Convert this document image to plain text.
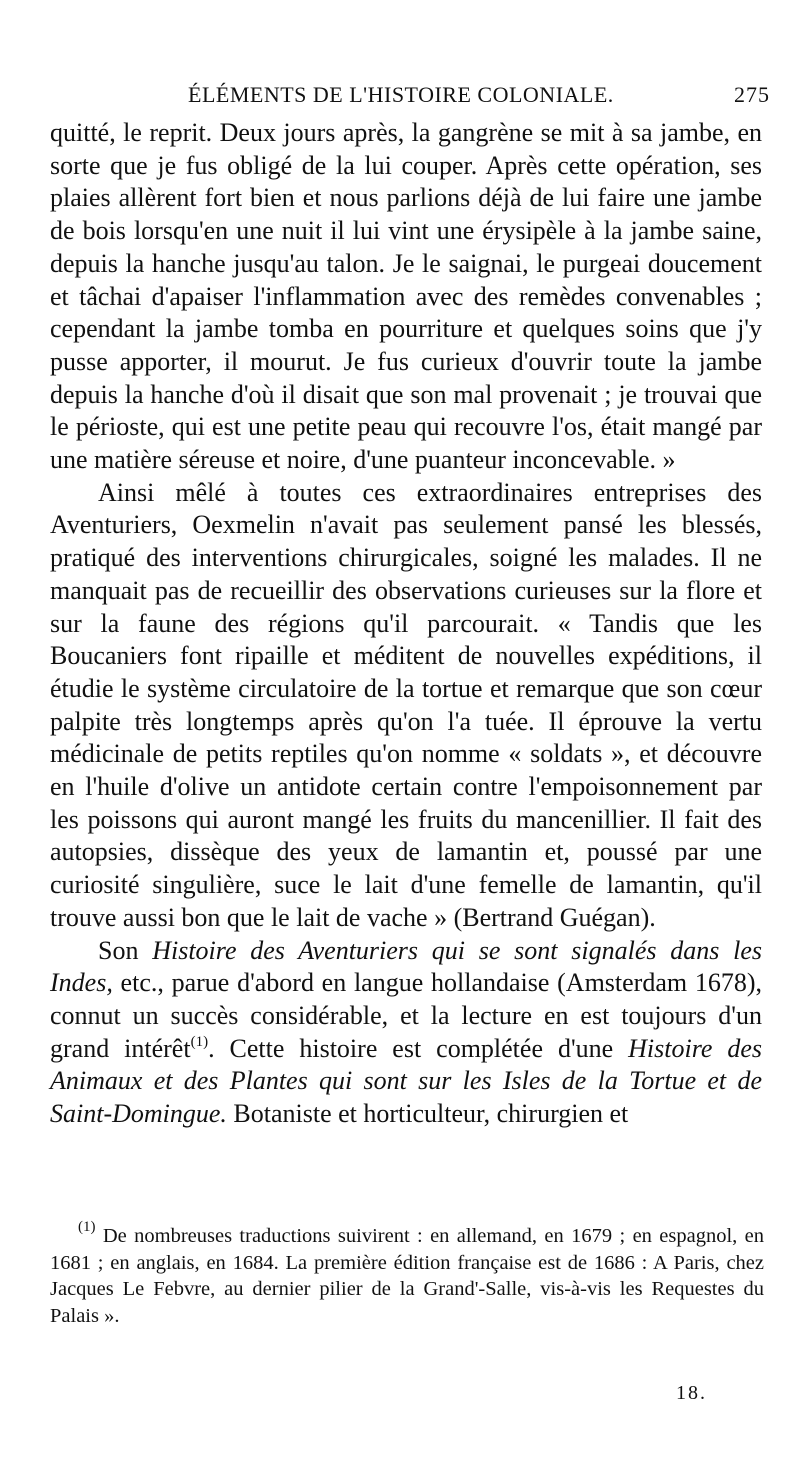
ÉLÉMENTS DE L'HISTOIRE COLONIALE.	275

quitté, le reprit. Deux jours après, la gangrène se mit à sa jambe, en sorte que je fus obligé de la lui couper. Après cette opération, ses plaies allèrent fort bien et nous parlions déjà de lui faire une jambe de bois lorsqu'en une nuit il lui vint une érysipèle à la jambe saine, depuis la hanche jusqu'au talon. Je le saignai, le purgeai doucement et tâchai d'apaiser l'inflammation avec des remèdes convenables ; cependant la jambe tomba en pourriture et quelques soins que j'y pusse apporter, il mourut. Je fus curieux d'ouvrir toute la jambe depuis la hanche d'où il disait que son mal provenait ; je trouvai que le périoste, qui est une petite peau qui recouvre l'os, était mangé par une matière séreuse et noire, d'une puanteur inconcevable. »

Ainsi mêlé à toutes ces extraordinaires entreprises des Aventuriers, Oexmelin n'avait pas seulement pansé les blessés, pratiqué des interventions chirurgicales, soigné les malades. Il ne manquait pas de recueillir des observations curieuses sur la flore et sur la faune des régions qu'il parcourait. « Tandis que les Boucaniers font ripaille et méditent de nouvelles expéditions, il étudie le système circulatoire de la tortue et remarque que son cœur palpite très longtemps après qu'on l'a tuée. Il éprouve la vertu médicinale de petits reptiles qu'on nomme « soldats », et découvre en l'huile d'olive un antidote certain contre l'empoisonnement par les poissons qui auront mangé les fruits du mancenillier. Il fait des autopsies, dissèque des yeux de lamantin et, poussé par une curiosité singulière, suce le lait d'une femelle de lamantin, qu'il trouve aussi bon que le lait de vache » (Bertrand Guégan).

Son Histoire des Aventuriers qui se sont signalés dans les Indes, etc., parue d'abord en langue hollandaise (Amsterdam 1678), connut un succès considérable, et la lecture en est toujours d'un grand intérêt$^{(1)}$. Cette histoire est complétée d'une Histoire des Animaux et des Plantes qui sont sur les Isles de la Tortue et de Saint-Domingue. Botaniste et horticulteur, chirurgien et

$^{(1)}$ De nombreuses traductions suivirent : en allemand, en 1679 ; en espagnol, en 1681 ; en anglais, en 1684. La première édition française est de 1686 : A Paris, chez Jacques Le Febvre, au dernier pilier de la Grand'-Salle, vis-à-vis les Requestes du Palais ».

18.
